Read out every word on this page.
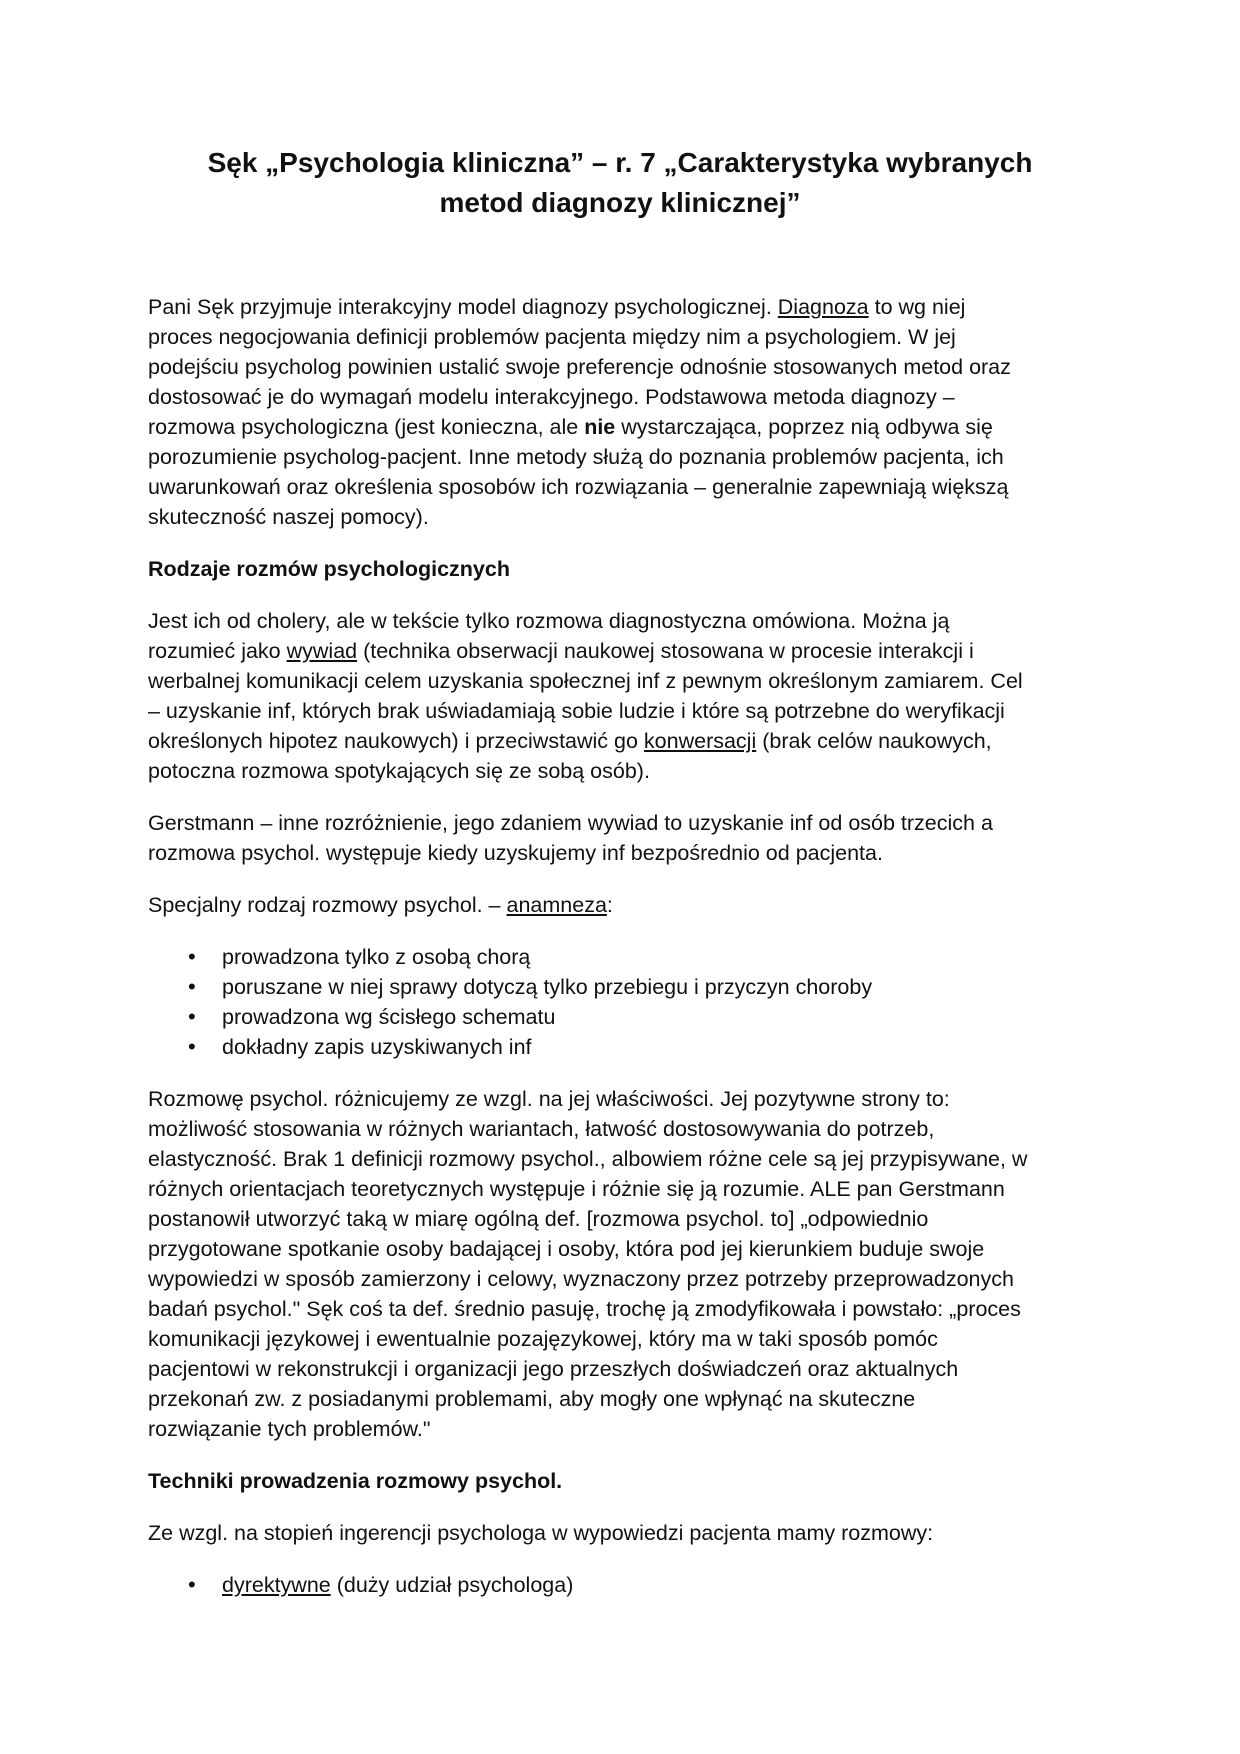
Sęk „Psychologia kliniczna” – r. 7 „Carakterystyka wybranych
metod diagnozy klinicznej”

Pani Sęk przyjmuje interakcyjny model diagnozy psychologicznej. Diagnoza to wg niej
proces negocjowania definicji problemów pacjenta między nim a psychologiem. W jej
podejściu psycholog powinien ustalić swoje preferencje odnośnie stosowanych metod oraz
dostosować je do wymagań modelu interakcyjnego. Podstawowa metoda diagnozy –
rozmowa psychologiczna (jest konieczna, ale nie wystarczająca, poprzez nią odbywa się
porozumienie psycholog-pacjent. Inne metody służą do poznania problemów pacjenta, ich
uwarunkowań oraz określenia sposobów ich rozwiązania – generalnie zapewniają większą
skuteczność naszej pomocy).

Rodzaje rozmów psychologicznych

Jest ich od cholery, ale w tekście tylko rozmowa diagnostyczna omówiona. Można ją
rozumieć jako wywiad (technika obserwacji naukowej stosowana w procesie interakcji i
werbalnej komunikacji celem uzyskania społecznej inf z pewnym określonym zamiarem. Cel
– uzyskanie inf, których brak uświadamiają sobie ludzie i które są potrzebne do weryfikacji
określonych hipotez naukowych) i przeciwstawić go konwersacji (brak celów naukowych,
potoczna rozmowa spotykających się ze sobą osób).

Gerstmann – inne rozróżnienie, jego zdaniem wywiad to uzyskanie inf od osób trzecich a
rozmowa psychol. występuje kiedy uzyskujemy inf bezpośrednio od pacjenta.

Specjalny rodzaj rozmowy psychol. – anamneza:

• prowadzona tylko z osobą chorą
• poruszane w niej sprawy dotyczą tylko przebiegu i przyczyn choroby
• prowadzona wg ścisłego schematu
• dokładny zapis uzyskiwanych inf

Rozmowę psychol. różnicujemy ze wzgl. na jej właściwości. Jej pozytywne strony to:
możliwość stosowania w różnych wariantach, łatwość dostosowywania do potrzeb,
elastyczność. Brak 1 definicji rozmowy psychol., albowiem różne cele są jej przypisywane, w
różnych orientacjach teoretycznych występuje i różnie się ją rozumie. ALE pan Gerstmann
postanowił utworzyć taką w miarę ogólną def. [rozmowa psychol. to] „odpowiednio
przygotowane spotkanie osoby badającej i osoby, która pod jej kierunkiem buduje swoje
wypowiedzi w sposób zamierzony i celowy, wyznaczony przez potrzeby przeprowadzonych
badań psychol." Sęk coś ta def. średnio pasuję, trochę ją zmodyfikowała i powstało: „proces
komunikacji językowej i ewentualnie pozajęzykowej, który ma w taki sposób pomóc
pacjentowi w rekonstrukcji i organizacji jego przeszłych doświadczeń oraz aktualnych
przekonań zw. z posiadanymi problemami, aby mogły one wpłynąć na skuteczne
rozwiązanie tych problemów."

Techniki prowadzenia rozmowy psychol.

Ze wzgl. na stopień ingerencji psychologa w wypowiedzi pacjenta mamy rozmowy:

• dyrektywne (duży udział psychologa)
